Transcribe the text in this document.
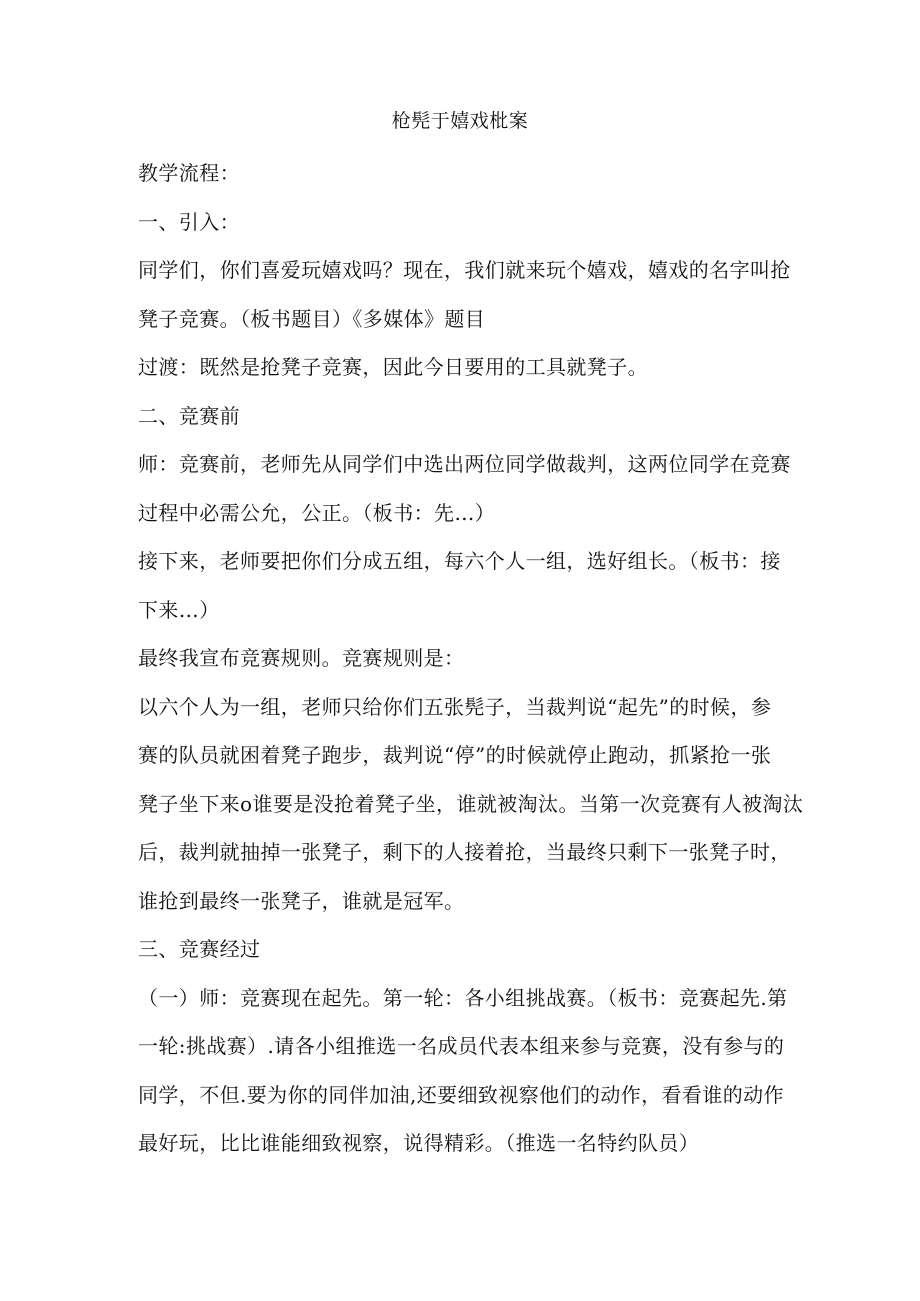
枪髡于嬉戏枇案
教学流程：
一、引入：
同学们，你们喜爱玩嬉戏吗？现在，我们就来玩个嬉戏，嬉戏的名字叫抢
凳子竞赛。（板书题目）《多媒体》题目
过渡：既然是抢凳子竞赛，因此今日要用的工具就凳子。
二、竞赛前
师：竞赛前，老师先从同学们中选出两位同学做裁判，这两位同学在竞赛
过程中必需公允，公正。（板书：先…）
接下来，老师要把你们分成五组，每六个人一组，选好组长。（板书：接
下来…）
最终我宣布竞赛规则。竞赛规则是：
以六个人为一组，老师只给你们五张髡子，当裁判说“起先”的时候，参
赛的队员就困着凳子跑步，裁判说“停”的时候就停止跑动，抓紧抢一张
凳子坐下来o谁要是没抢着凳子坐，谁就被淘汰。当第一次竞赛有人被淘汰
后，裁判就抽掉一张凳子，剩下的人接着抢，当最终只剩下一张凳子时，
谁抢到最终一张凳子，谁就是冠军。
三、竞赛经过
（一）师：竞赛现在起先。第一轮：各小组挑战赛。（板书：竞赛起先.第
一轮:挑战赛）.请各小组推选一名成员代表本组来参与竞赛，没有参与的
同学，不但.要为你的同伴加油,还要细致视察他们的动作，看看谁的动作
最好玩，比比谁能细致视察，说得精彩。（推选一名特约队员）
